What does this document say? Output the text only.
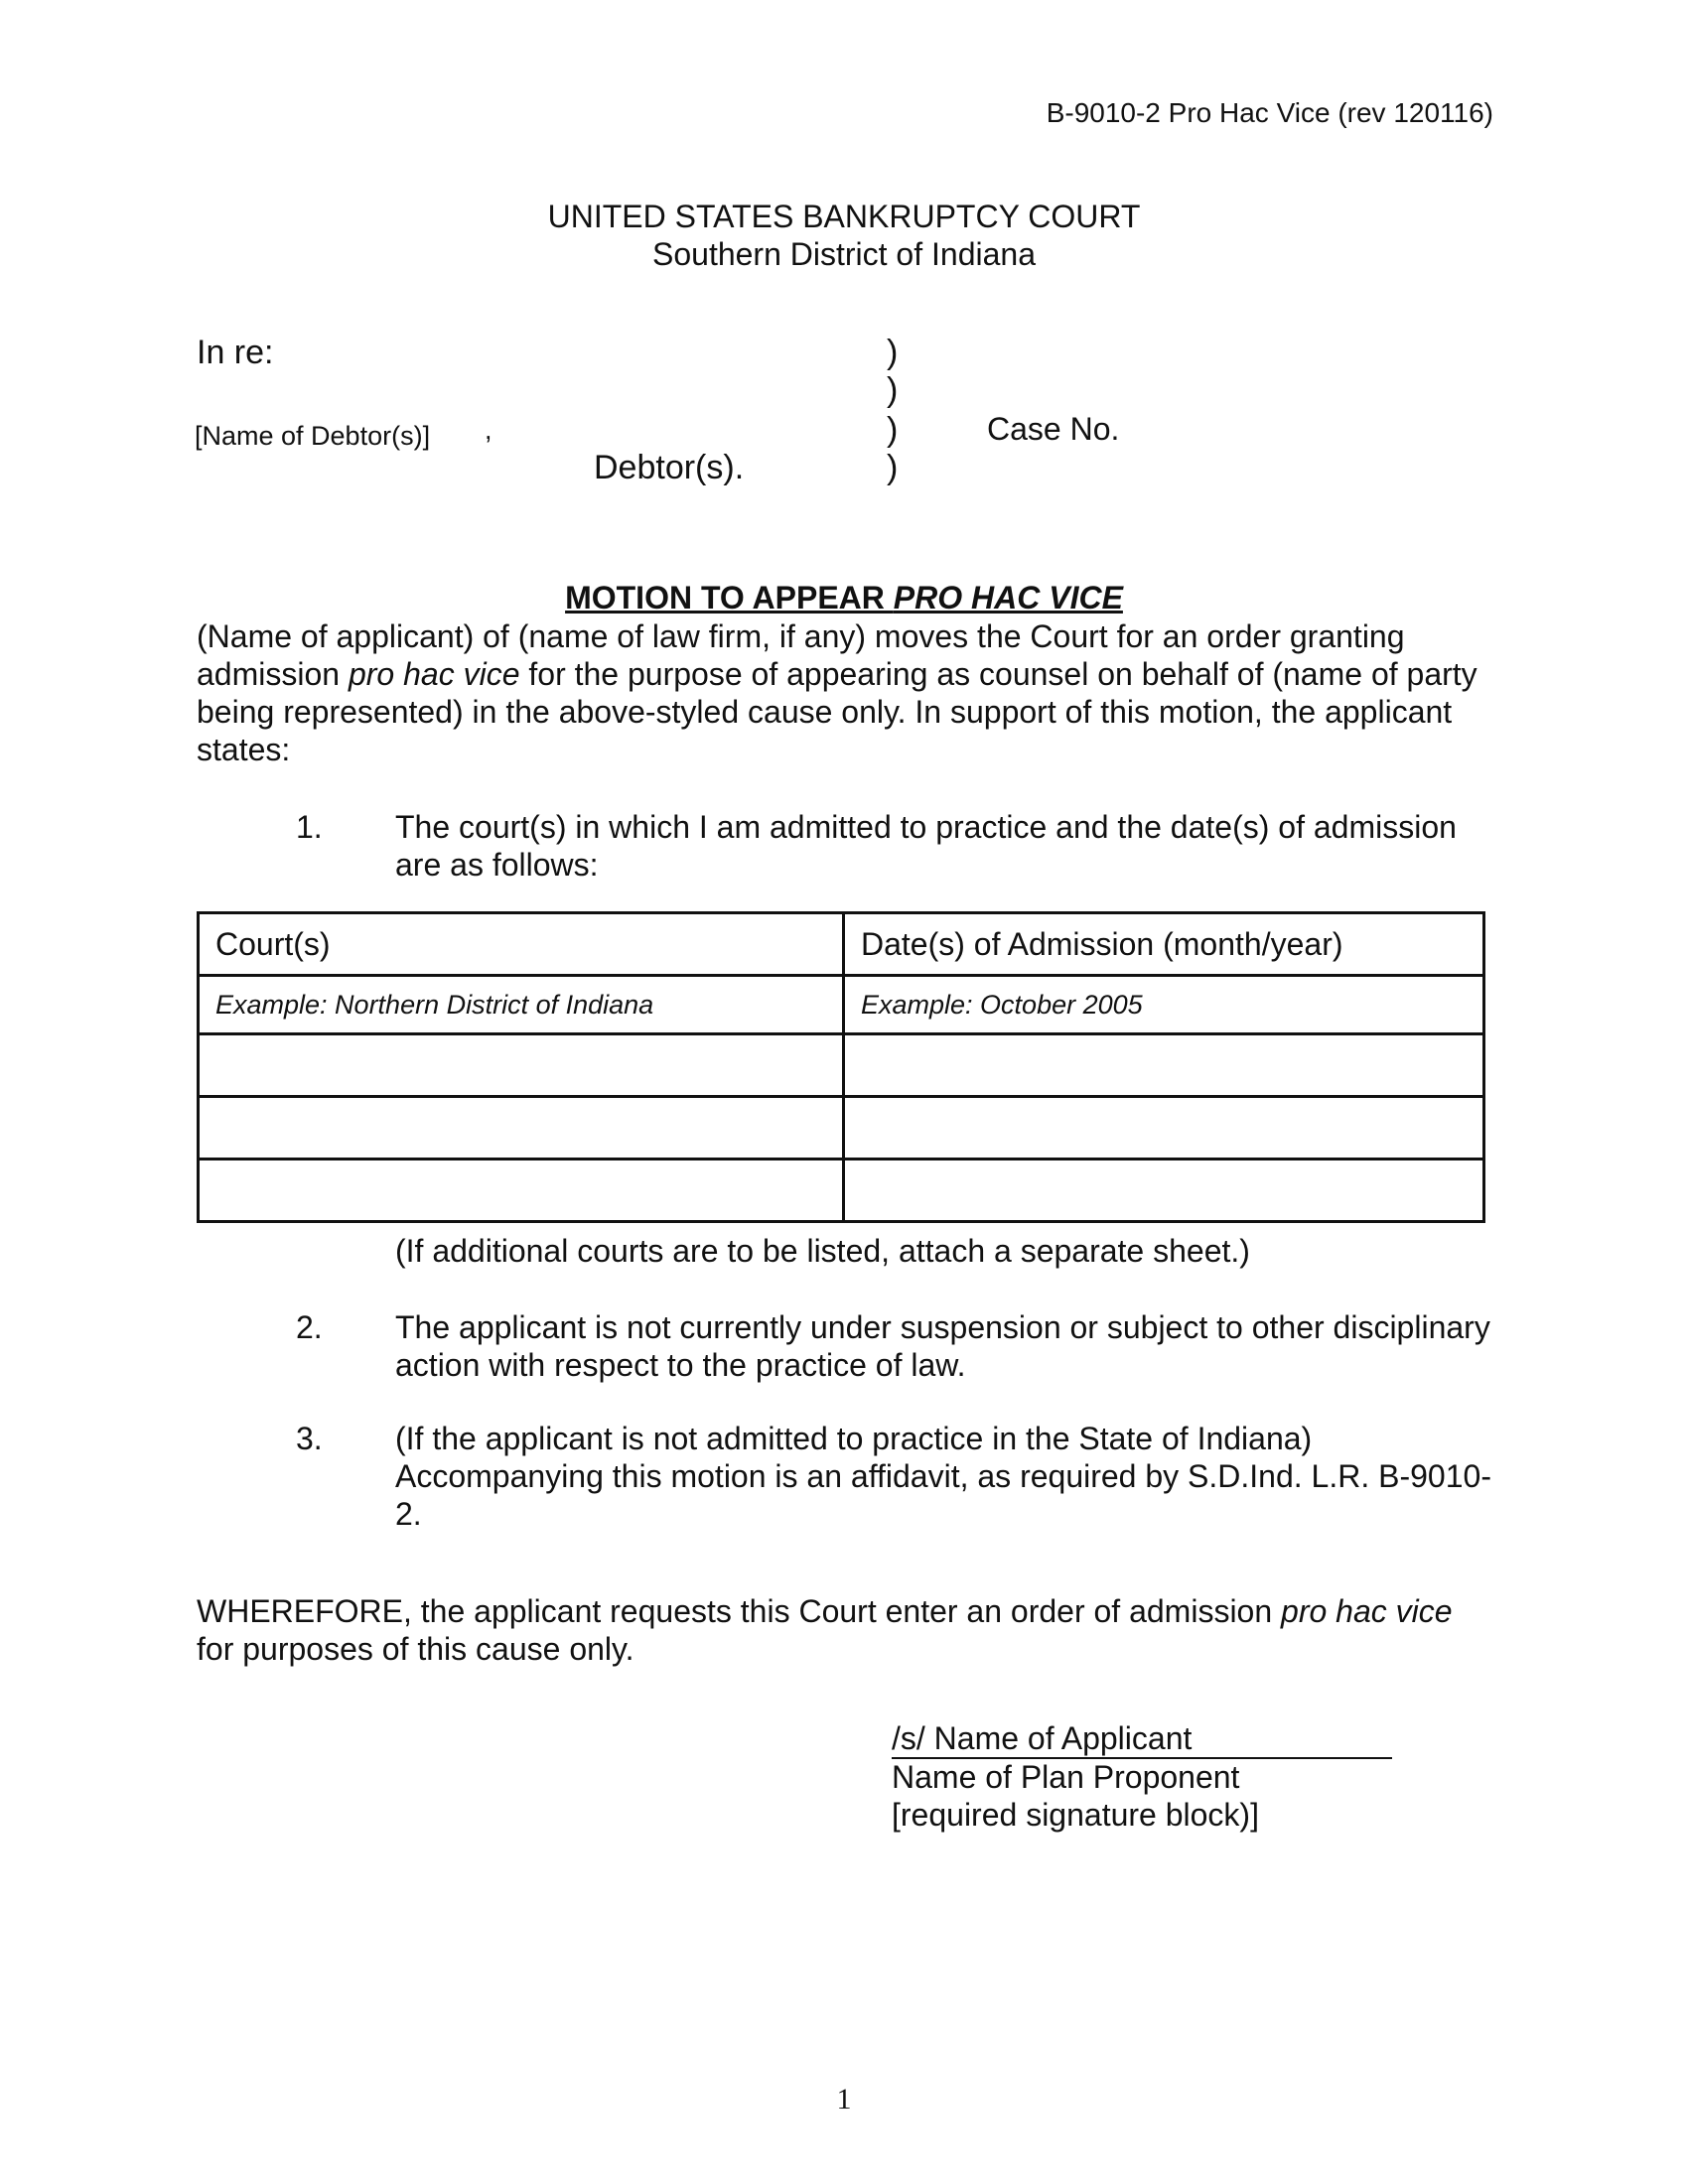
B-9010-2 Pro Hac Vice (rev 120116)
UNITED STATES BANKRUPTCY COURT
Southern District of Indiana
In re:
[Name of Debtor(s)] ,
Debtor(s).
)
)
)
)
Case No.
MOTION TO APPEAR PRO HAC VICE
(Name of applicant) of (name of law firm, if any) moves the Court for an order granting admission pro hac vice for the purpose of appearing as counsel on behalf of (name of party being represented) in the above-styled cause only. In support of this motion, the applicant states:
1. The court(s) in which I am admitted to practice and the date(s) of admission are as follows:
Court(s)	Date(s) of Admission (month/year)
Example: Northern District of Indiana	Example: October 2005

(If additional courts are to be listed, attach a separate sheet.)
2. The applicant is not currently under suspension or subject to other disciplinary action with respect to the practice of law.
3. (If the applicant is not admitted to practice in the State of Indiana) Accompanying this motion is an affidavit, as required by S.D.Ind. L.R. B-9010-2.
WHEREFORE, the applicant requests this Court enter an order of admission pro hac vice for purposes of this cause only.
/s/ Name of Applicant
Name of Plan Proponent
[required signature block)]
1
